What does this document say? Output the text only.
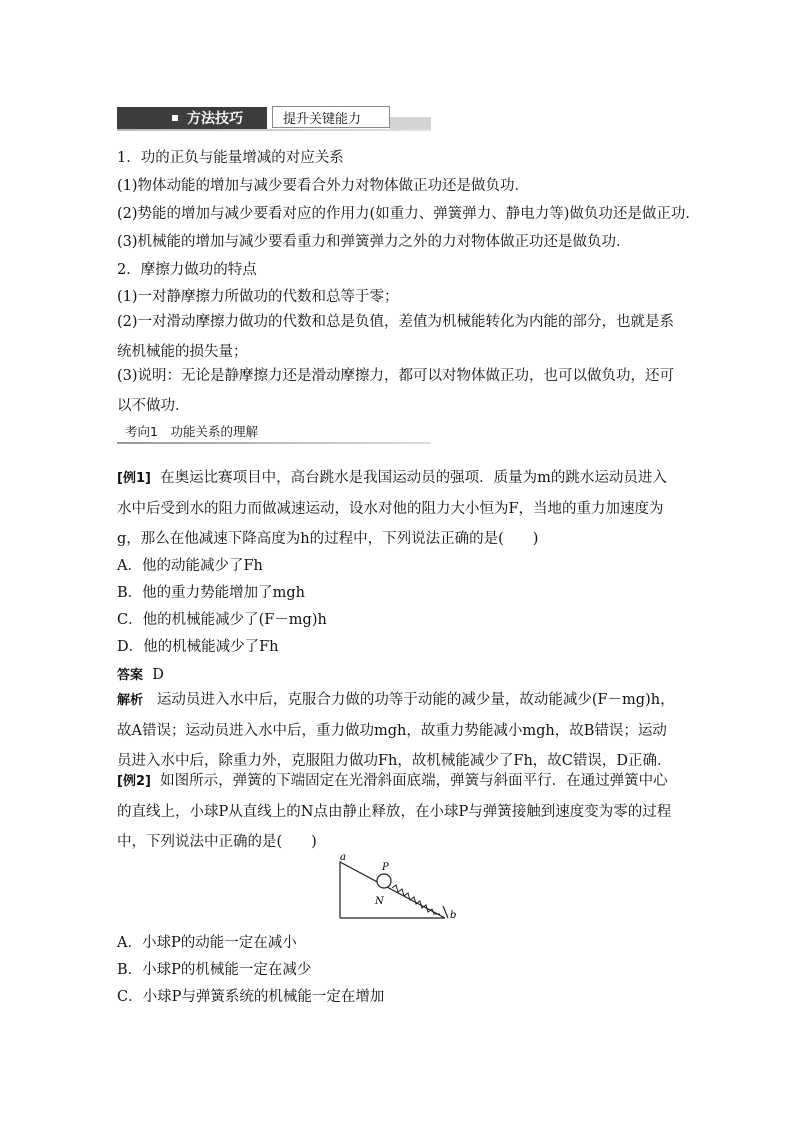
方法技巧	提升关键能力
1．功的正负与能量增减的对应关系
(1)物体动能的增加与减少要看合外力对物体做正功还是做负功．
(2)势能的增加与减少要看对应的作用力(如重力、弹簧弹力、静电力等)做负功还是做正功．
(3)机械能的增加与减少要看重力和弹簧弹力之外的力对物体做正功还是做负功．
2．摩擦力做功的特点
(1)一对静摩擦力所做功的代数和总等于零；
(2)一对滑动摩擦力做功的代数和总是负值，差值为机械能转化为内能的部分，也就是系统机械能的损失量；
(3)说明：无论是静摩擦力还是滑动摩擦力，都可以对物体做正功，也可以做负功，还可以不做功．
考向1　功能关系的理解
[例1] 在奥运比赛项目中，高台跳水是我国运动员的强项．质量为m的跳水运动员进入水中后受到水的阻力而做减速运动，设水对他的阻力大小恒为F，当地的重力加速度为g，那么在他减速下降高度为h的过程中，下列说法正确的是(　　)
A．他的动能减少了Fh
B．他的重力势能增加了mgh
C．他的机械能减少了(F－mg)h
D．他的机械能减少了Fh
答案 D
解析 运动员进入水中后，克服合力做的功等于动能的减少量，故动能减少(F－mg)h，故A错误；运动员进入水中后，重力做功mgh，故重力势能减小mgh，故B错误；运动员进入水中后，除重力外，克服阻力做功Fh，故机械能减少了Fh，故C错误，D正确．
[例2] 如图所示，弹簧的下端固定在光滑斜面底端，弹簧与斜面平行．在通过弹簧中心的直线上，小球P从直线上的N点由静止释放，在小球P与弹簧接触到速度变为零的过程中，下列说法中正确的是(　　)
a
P
N
b
A．小球P的动能一定在减小
B．小球P的机械能一定在减少
C．小球P与弹簧系统的机械能一定在增加
